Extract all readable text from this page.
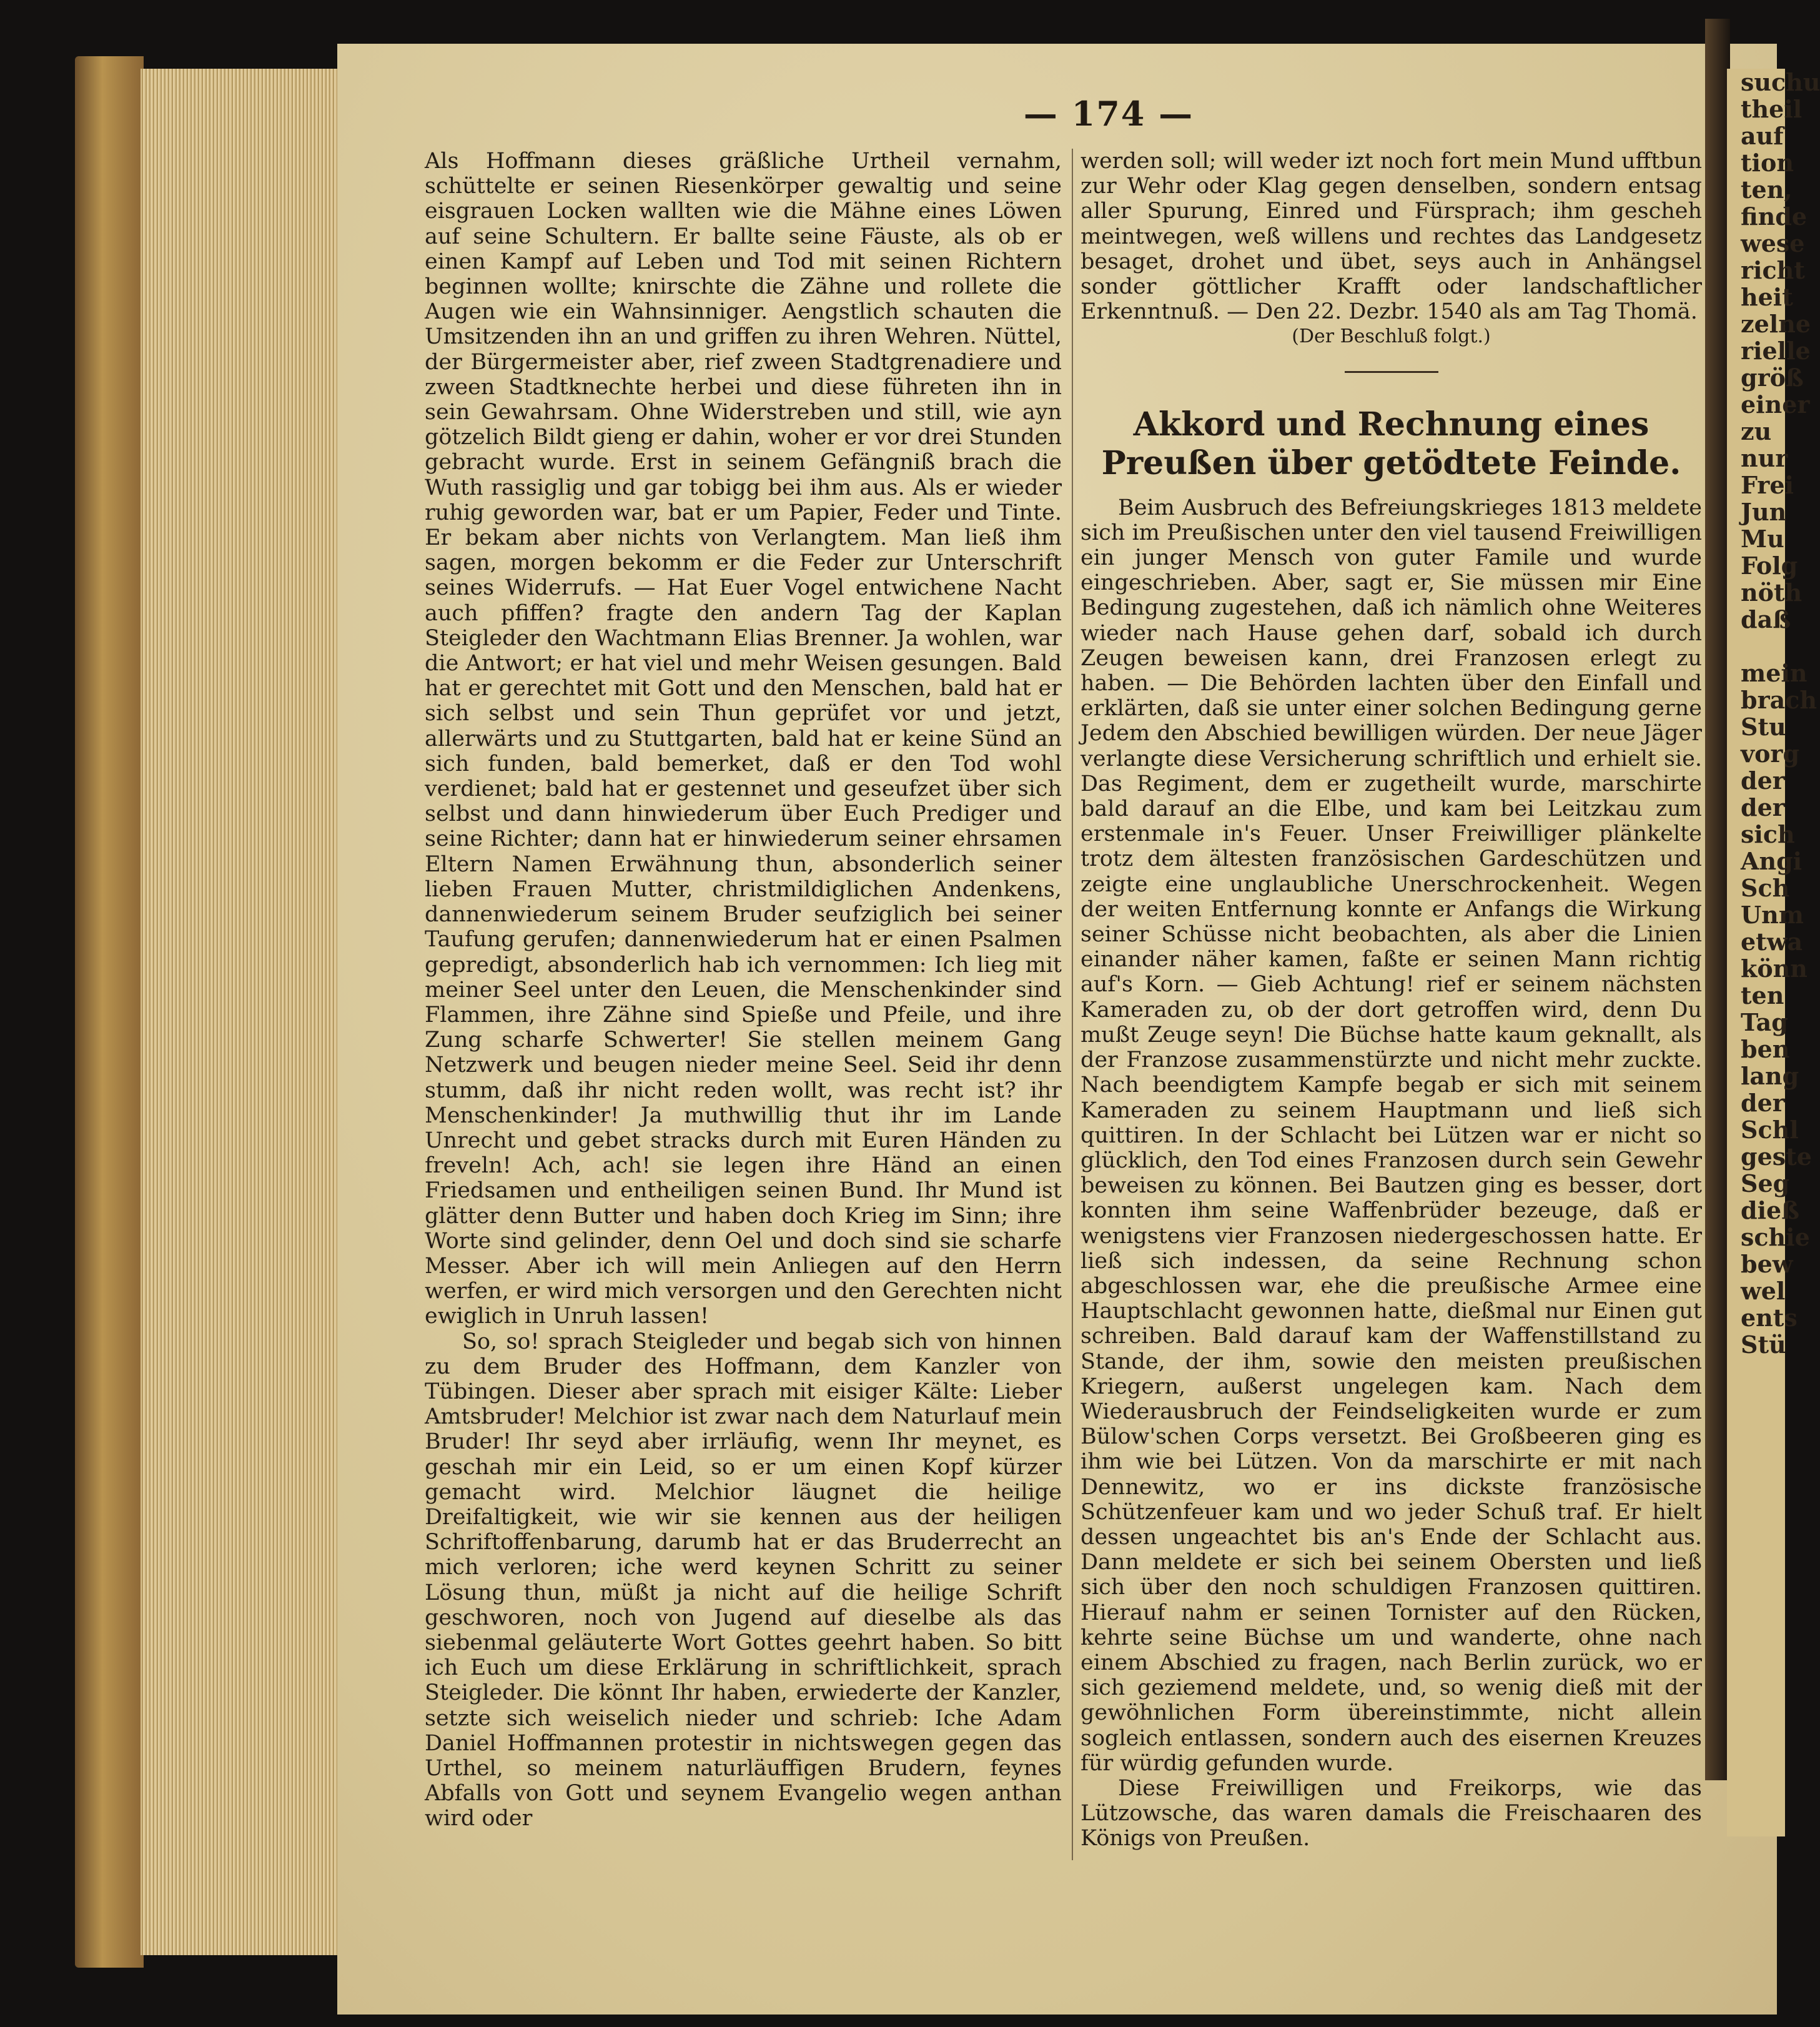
suchu
theil
auf
tion
ten,
finde
wese
richt
heit
zelne
rielle
größ
einer
zu
nur
Frei
Jun
Mu
Folg
nöth
daß

mein
brach
Stu
vorg
der
der
sich
Angi
Sch
Unm
etwa
könn
ten
Tag
ben
lang
der
Schl
geste
Seg
dieß
schie
bew
wel
ents
Stü
— 174 —

Als Hoffmann dieses gräßliche Urtheil vernahm, schüttelte er seinen Riesenkörper gewaltig und seine eisgrauen Locken wallten wie die Mähne eines Löwen auf seine Schultern. Er ballte seine Fäuste, als ob er einen Kampf auf Leben und Tod mit seinen Richtern beginnen wollte; knirschte die Zähne und rollete die Augen wie ein Wahnsinniger. Aengstlich schauten die Umsitzenden ihn an und griffen zu ihren Wehren. Nüttel, der Bürgermeister aber, rief zween Stadtgrenadiere und zween Stadtknechte herbei und diese führeten ihn in sein Gewahrsam. Ohne Widerstreben und still, wie ayn götzelich Bildt gieng er dahin, woher er vor drei Stunden gebracht wurde. Erst in seinem Gefängniß brach die Wuth rassiglig und gar tobigg bei ihm aus. Als er wieder ruhig geworden war, bat er um Papier, Feder und Tinte. Er bekam aber nichts von Verlangtem. Man ließ ihm sagen, morgen bekomm er die Feder zur Unterschrift seines Widerrufs. — Hat Euer Vogel entwichene Nacht auch pfiffen? fragte den andern Tag der Kaplan Steigleder den Wachtmann Elias Brenner. Ja wohlen, war die Antwort; er hat viel und mehr Weisen gesungen. Bald hat er gerechtet mit Gott und den Menschen, bald hat er sich selbst und sein Thun geprüfet vor und jetzt, allerwärts und zu Stuttgarten, bald hat er keine Sünd an sich funden, bald bemerket, daß er den Tod wohl verdienet; bald hat er gestennet und geseufzet über sich selbst und dann hinwiederum über Euch Prediger und seine Richter; dann hat er hinwiederum seiner ehrsamen Eltern Namen Erwähnung thun, absonderlich seiner lieben Frauen Mutter, christmildiglichen Andenkens, dannenwiederum seinem Bruder seufziglich bei seiner Taufung gerufen; dannenwiederum hat er einen Psalmen gepredigt, absonderlich hab ich vernommen: Ich lieg mit meiner Seel unter den Leuen, die Menschenkinder sind Flammen, ihre Zähne sind Spieße und Pfeile, und ihre Zung scharfe Schwerter! Sie stellen meinem Gang Netzwerk und beugen nieder meine Seel. Seid ihr denn stumm, daß ihr nicht reden wollt, was recht ist? ihr Menschenkinder! Ja muthwillig thut ihr im Lande Unrecht und gebet stracks durch mit Euren Händen zu freveln! Ach, ach! sie legen ihre Händ an einen Friedsamen und entheiligen seinen Bund. Ihr Mund ist glätter denn Butter und haben doch Krieg im Sinn; ihre Worte sind gelinder, denn Oel und doch sind sie scharfe Messer. Aber ich will mein Anliegen auf den Herrn werfen, er wird mich versorgen und den Gerechten nicht ewiglich in Unruh lassen!

So, so! sprach Steigleder und begab sich von hinnen zu dem Bruder des Hoffmann, dem Kanzler von Tübingen. Dieser aber sprach mit eisiger Kälte: Lieber Amtsbruder! Melchior ist zwar nach dem Naturlauf mein Bruder! Ihr seyd aber irrläufig, wenn Ihr meynet, es geschah mir ein Leid, so er um einen Kopf kürzer gemacht wird. Melchior läugnet die heilige Dreifaltigkeit, wie wir sie kennen aus der heiligen Schriftoffenbarung, darumb hat er das Bruderrecht an mich verloren; iche werd keynen Schritt zu seiner Lösung thun, müßt ja nicht auf die heilige Schrift geschworen, noch von Jugend auf dieselbe als das siebenmal geläuterte Wort Gottes geehrt haben. So bitt ich Euch um diese Erklärung in schriftlichkeit, sprach Steigleder. Die könnt Ihr haben, erwiederte der Kanzler, setzte sich weiselich nieder und schrieb: Iche Adam Daniel Hoffmannen protestir in nichtswegen gegen das Urthel, so meinem naturläuffigen Brudern, feynes Abfalls von Gott und seynem Evangelio wegen anthan wird oder

werden soll; will weder izt noch fort mein Mund ufftbun zur Wehr oder Klag gegen denselben, sondern entsag aller Spurung, Einred und Fürsprach; ihm gescheh meintwegen, weß willens und rechtes das Landgesetz besaget, drohet und übet, seys auch in Anhängsel sonder göttlicher Krafft oder landschaftlicher Erkenntnuß. — Den 22. Dezbr. 1540 als am Tag Thomä.

(Der Beschluß folgt.)

Akkord und Rechnung eines Preußen über getödtete Feinde.

Beim Ausbruch des Befreiungskrieges 1813 meldete sich im Preußischen unter den viel tausend Freiwilligen ein junger Mensch von guter Famile und wurde eingeschrieben. Aber, sagt er, Sie müssen mir Eine Bedingung zugestehen, daß ich nämlich ohne Weiteres wieder nach Hause gehen darf, sobald ich durch Zeugen beweisen kann, drei Franzosen erlegt zu haben. — Die Behörden lachten über den Einfall und erklärten, daß sie unter einer solchen Bedingung gerne Jedem den Abschied bewilligen würden. Der neue Jäger verlangte diese Versicherung schriftlich und erhielt sie. Das Regiment, dem er zugetheilt wurde, marschirte bald darauf an die Elbe, und kam bei Leitzkau zum erstenmale in's Feuer. Unser Freiwilliger plänkelte trotz dem ältesten französischen Gardeschützen und zeigte eine unglaubliche Unerschrockenheit. Wegen der weiten Entfernung konnte er Anfangs die Wirkung seiner Schüsse nicht beobachten, als aber die Linien einander näher kamen, faßte er seinen Mann richtig auf's Korn. — Gieb Achtung! rief er seinem nächsten Kameraden zu, ob der dort getroffen wird, denn Du mußt Zeuge seyn! Die Büchse hatte kaum geknallt, als der Franzose zusammenstürzte und nicht mehr zuckte. Nach beendigtem Kampfe begab er sich mit seinem Kameraden zu seinem Hauptmann und ließ sich quittiren. In der Schlacht bei Lützen war er nicht so glücklich, den Tod eines Franzosen durch sein Gewehr beweisen zu können. Bei Bautzen ging es besser, dort konnten ihm seine Waffenbrüder bezeuge, daß er wenigstens vier Franzosen niedergeschossen hatte. Er ließ sich indessen, da seine Rechnung schon abgeschlossen war, ehe die preußische Armee eine Hauptschlacht gewonnen hatte, dießmal nur Einen gut schreiben. Bald darauf kam der Waffenstillstand zu Stande, der ihm, sowie den meisten preußischen Kriegern, außerst ungelegen kam. Nach dem Wiederausbruch der Feindseligkeiten wurde er zum Bülow'schen Corps versetzt. Bei Großbeeren ging es ihm wie bei Lützen. Von da marschirte er mit nach Dennewitz, wo er ins dickste französische Schützenfeuer kam und wo jeder Schuß traf. Er hielt dessen ungeachtet bis an's Ende der Schlacht aus. Dann meldete er sich bei seinem Obersten und ließ sich über den noch schuldigen Franzosen quittiren. Hierauf nahm er seinen Tornister auf den Rücken, kehrte seine Büchse um und wanderte, ohne nach einem Abschied zu fragen, nach Berlin zurück, wo er sich geziemend meldete, und, so wenig dieß mit der gewöhnlichen Form übereinstimmte, nicht allein sogleich entlassen, sondern auch des eisernen Kreuzes für würdig gefunden wurde.

Diese Freiwilligen und Freikorps, wie das Lützowsche, das waren damals die Freischaaren des Königs von Preußen.
